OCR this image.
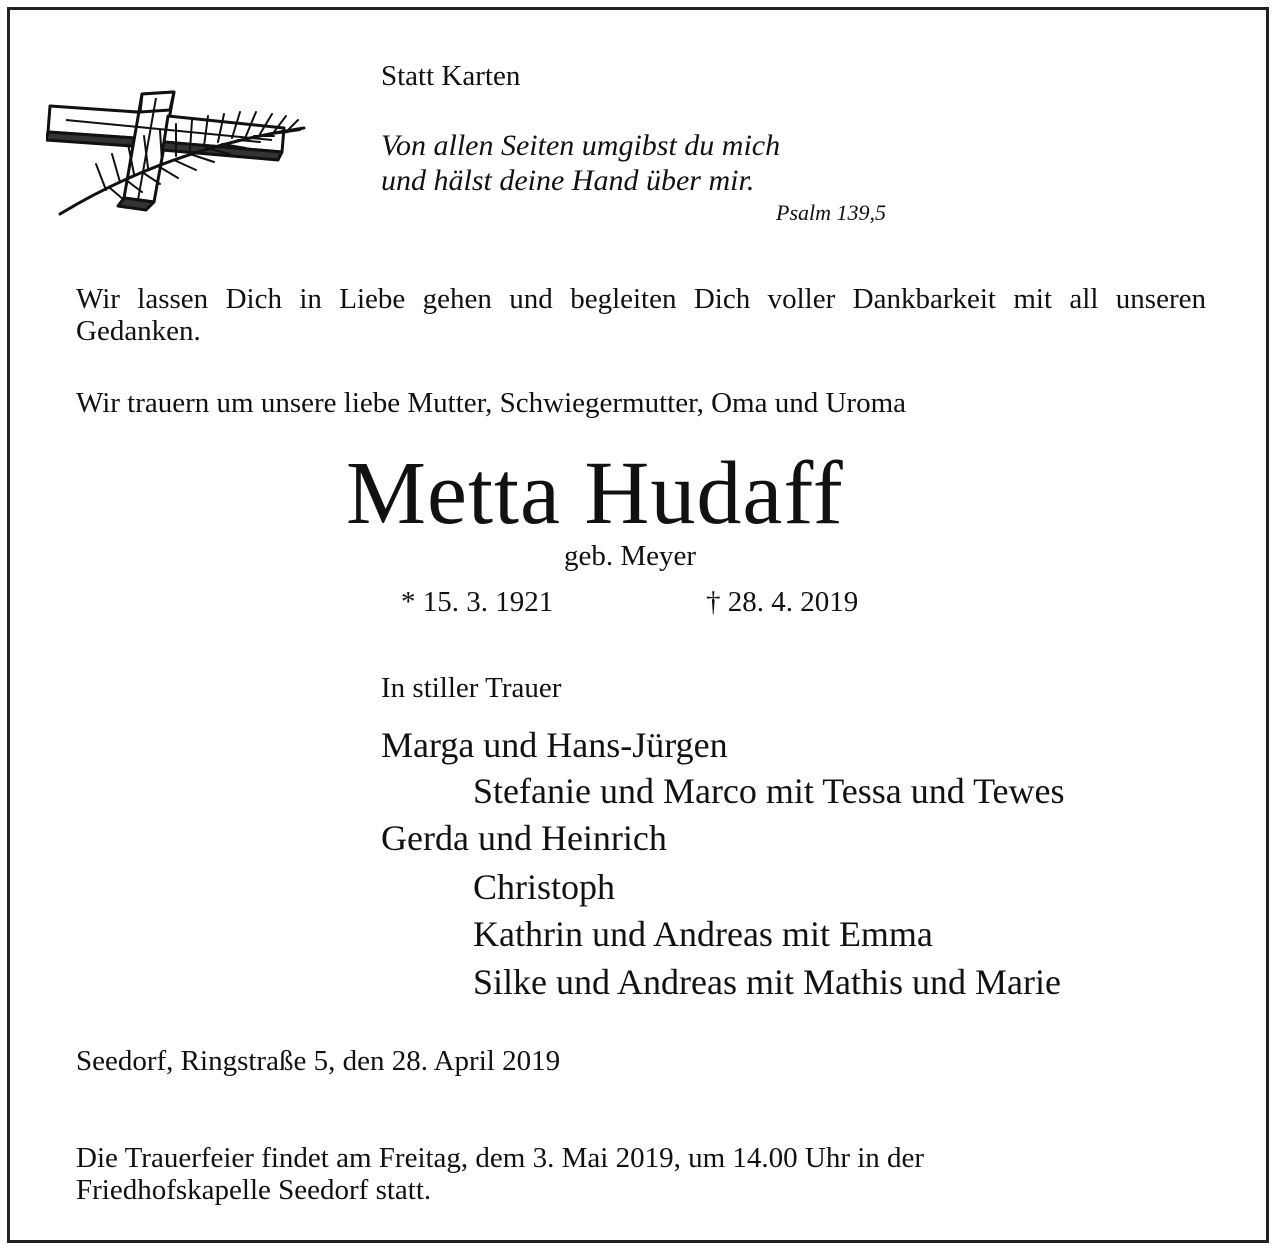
Statt Karten
Von allen Seiten umgibst du mich
und hälst deine Hand über mir.
Psalm 139,5
Wir lassen Dich in Liebe gehen und begleiten Dich voller Dankbarkeit mit all unseren Gedanken.
Wir trauern um unsere liebe Mutter, Schwiegermutter, Oma und Uroma
Metta Hudaff
geb. Meyer
* 15. 3. 1921	† 28. 4. 2019
In stiller Trauer
Marga und Hans-Jürgen
Stefanie und Marco mit Tessa und Tewes
Gerda und Heinrich
Christoph
Kathrin und Andreas mit Emma
Silke und Andreas mit Mathis und Marie
Seedorf, Ringstraße 5, den 28. April 2019
Die Trauerfeier findet am Freitag, dem 3. Mai 2019, um 14.00 Uhr in der Friedhofskapelle Seedorf statt.
